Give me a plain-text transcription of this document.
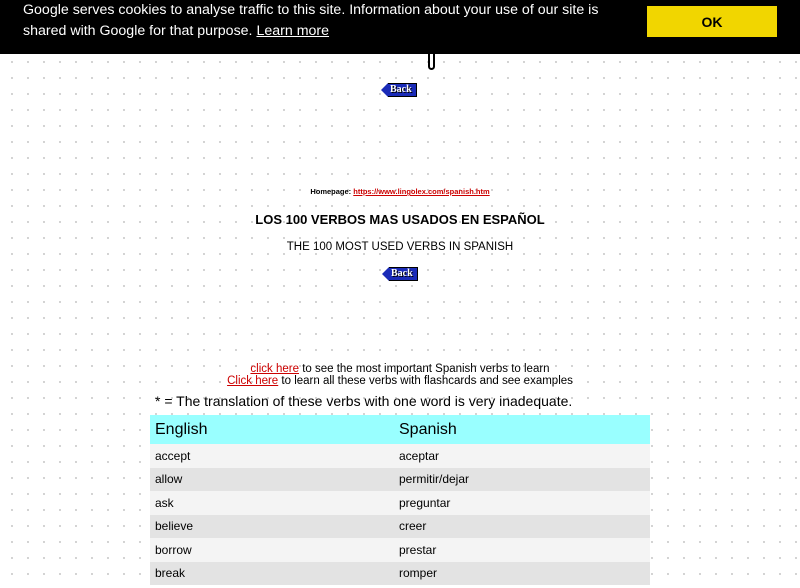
Google serves cookies to analyse traffic to this site. Information about your use of our site is shared with Google for that purpose. Learn more
OK
Back
Homepage: https://www.lingolex.com/spanish.htm
LOS 100 VERBOS MAS USADOS EN ESPAÑOL
THE 100 MOST USED VERBS IN SPANISH
Back
click here to see the most important Spanish verbs to learn
Click here to learn all these verbs with flashcards and see examples
* = The translation of these verbs with one word is very inadequate.
English	Spanish
accept	aceptar
allow	permitir/dejar
ask	preguntar
believe	creer
borrow	prestar
break	romper
